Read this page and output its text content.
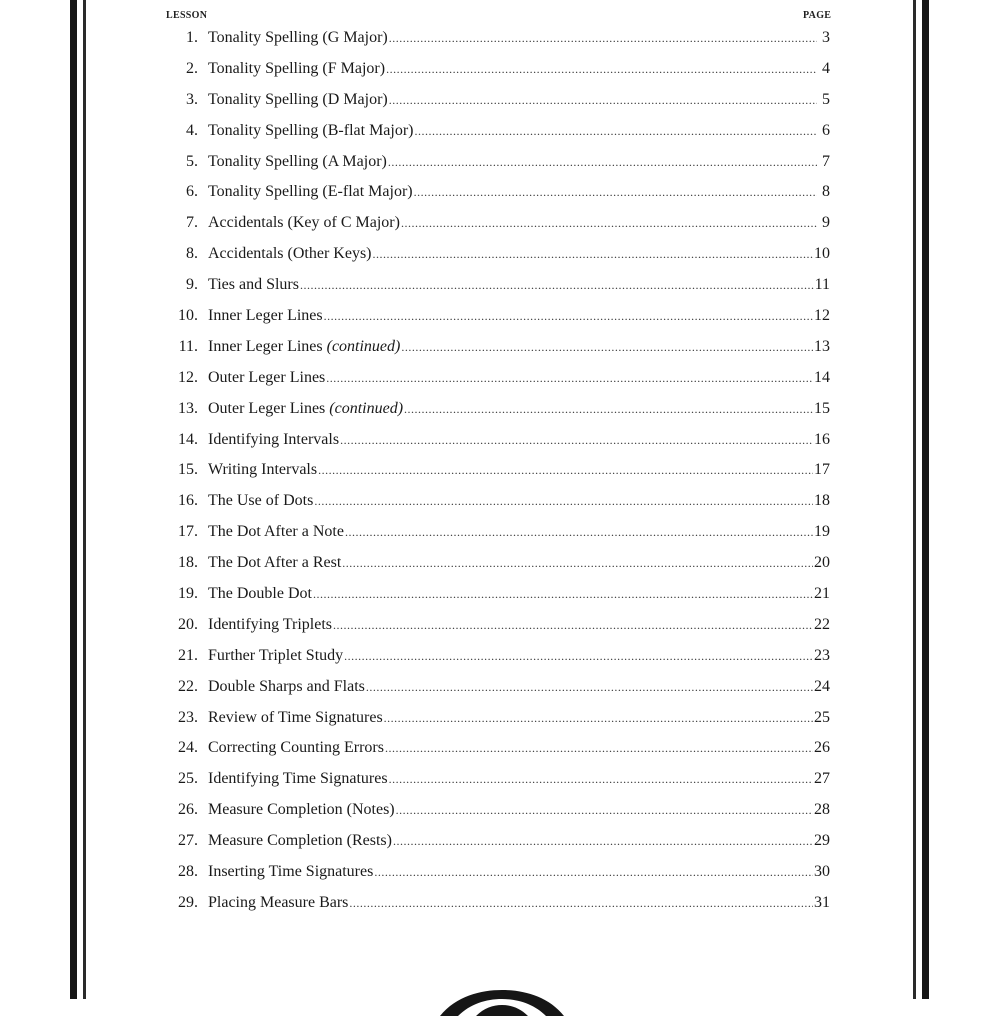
LESSON	PAGE
1. Tonality Spelling (G Major) .....	3
2. Tonality Spelling (F Major) .....	4
3. Tonality Spelling (D Major) .....	5
4. Tonality Spelling (B-flat Major) .....	6
5. Tonality Spelling (A Major) .....	7
6. Tonality Spelling (E-flat Major) .....	8
7. Accidentals (Key of C Major) .....	9
8. Accidentals (Other Keys) .....	10
9. Ties and Slurs .....	11
10. Inner Leger Lines .....	12
11. Inner Leger Lines (continued) .....	13
12. Outer Leger Lines .....	14
13. Outer Leger Lines (continued) .....	15
14. Identifying Intervals .....	16
15. Writing Intervals .....	17
16. The Use of Dots .....	18
17. The Dot After a Note .....	19
18. The Dot After a Rest .....	20
19. The Double Dot .....	21
20. Identifying Triplets .....	22
21. Further Triplet Study .....	23
22. Double Sharps and Flats .....	24
23. Review of Time Signatures .....	25
24. Correcting Counting Errors .....	26
25. Identifying Time Signatures .....	27
26. Measure Completion (Notes) .....	28
27. Measure Completion (Rests) .....	29
28. Inserting Time Signatures .....	30
29. Placing Measure Bars .....	31
